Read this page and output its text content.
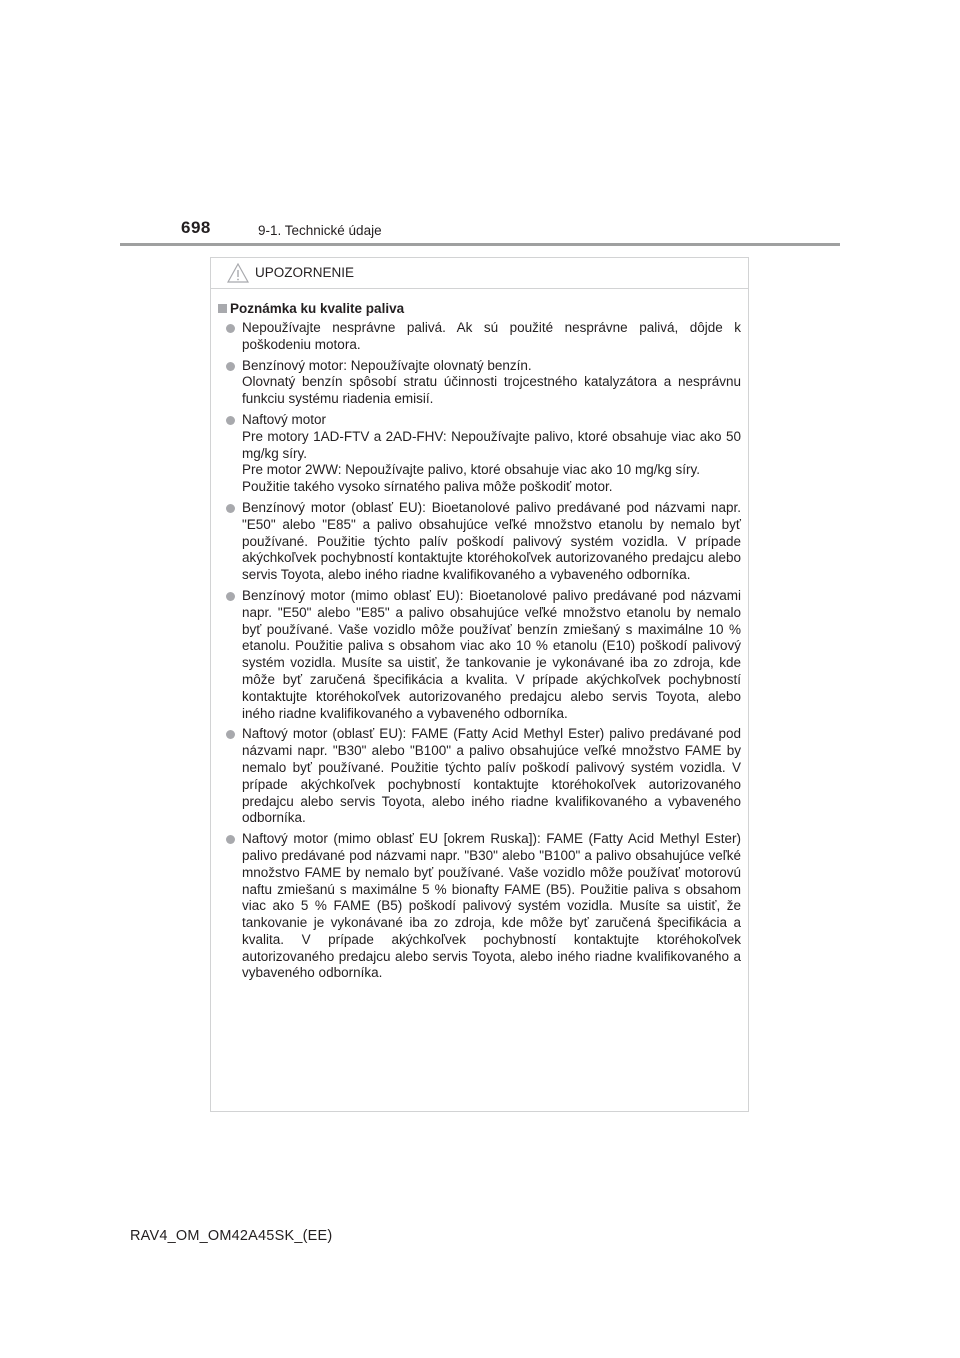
698	9-1. Technické údaje
UPOZORNENIE
Poznámka ku kvalite paliva
Nepoužívajte nesprávne palivá. Ak sú použité nesprávne palivá, dôjde k poškodeniu motora.
Benzínový motor: Nepoužívajte olovnatý benzín.
Olovnatý benzín spôsobí stratu účinnosti trojcestného katalyzátora a nesprávnu funkciu systému riadenia emisií.
Naftový motor
Pre motory 1AD-FTV a 2AD-FHV: Nepoužívajte palivo, ktoré obsahuje viac ako 50 mg/kg síry.
Pre motor 2WW: Nepoužívajte palivo, ktoré obsahuje viac ako 10 mg/kg síry.
Použitie takého vysoko sírnatého paliva môže poškodiť motor.
Benzínový motor (oblasť EU): Bioetanolové palivo predávané pod názvami napr. "E50" alebo "E85" a palivo obsahujúce veľké množstvo etanolu by nemalo byť používané. Použitie týchto palív poškodí palivový systém vozidla. V prípade akýchkoľvek pochybností kontaktujte ktoréhokoľvek autorizovaného predajcu alebo servis Toyota, alebo iného riadne kvalifikovaného a vybaveného odborníka.
Benzínový motor (mimo oblasť EU): Bioetanolové palivo predávané pod názvami napr. "E50" alebo "E85" a palivo obsahujúce veľké množstvo etanolu by nemalo byť používané. Vaše vozidlo môže používať benzín zmiešaný s maximálne 10 % etanolu. Použitie paliva s obsahom viac ako 10 % etanolu (E10) poškodí palivový systém vozidla. Musíte sa uistiť, že tankovanie je vykonávané iba zo zdroja, kde môže byť zaručená špecifikácia a kvalita. V prípade akýchkoľvek pochybností kontaktujte ktoréhokoľvek autorizovaného predajcu alebo servis Toyota, alebo iného riadne kvalifikovaného a vybaveného odborníka.
Naftový motor (oblasť EU): FAME (Fatty Acid Methyl Ester) palivo predávané pod názvami napr. "B30" alebo "B100" a palivo obsahujúce veľké množstvo FAME by nemalo byť používané. Použitie týchto palív poškodí palivový systém vozidla. V prípade akýchkoľvek pochybností kontaktujte ktoréhokoľvek autorizovaného predajcu alebo servis Toyota, alebo iného riadne kvalifikovaného a vybaveného odborníka.
Naftový motor (mimo oblasť EU [okrem Ruska]): FAME (Fatty Acid Methyl Ester) palivo predávané pod názvami napr. "B30" alebo "B100" a palivo obsahujúce veľké množstvo FAME by nemalo byť používané. Vaše vozidlo môže používať motorovú naftu zmiešanú s maximálne 5 % bionafty FAME (B5). Použitie paliva s obsahom viac ako 5 % FAME (B5) poškodí palivový systém vozidla. Musíte sa uistiť, že tankovanie je vykonávané iba zo zdroja, kde môže byť zaručená špecifikácia a kvalita. V prípade akýchkoľvek pochybností kontaktujte ktoréhokoľvek autorizovaného predajcu alebo servis Toyota, alebo iného riadne kvalifikovaného a vybaveného odborníka.
RAV4_OM_OM42A45SK_(EE)
